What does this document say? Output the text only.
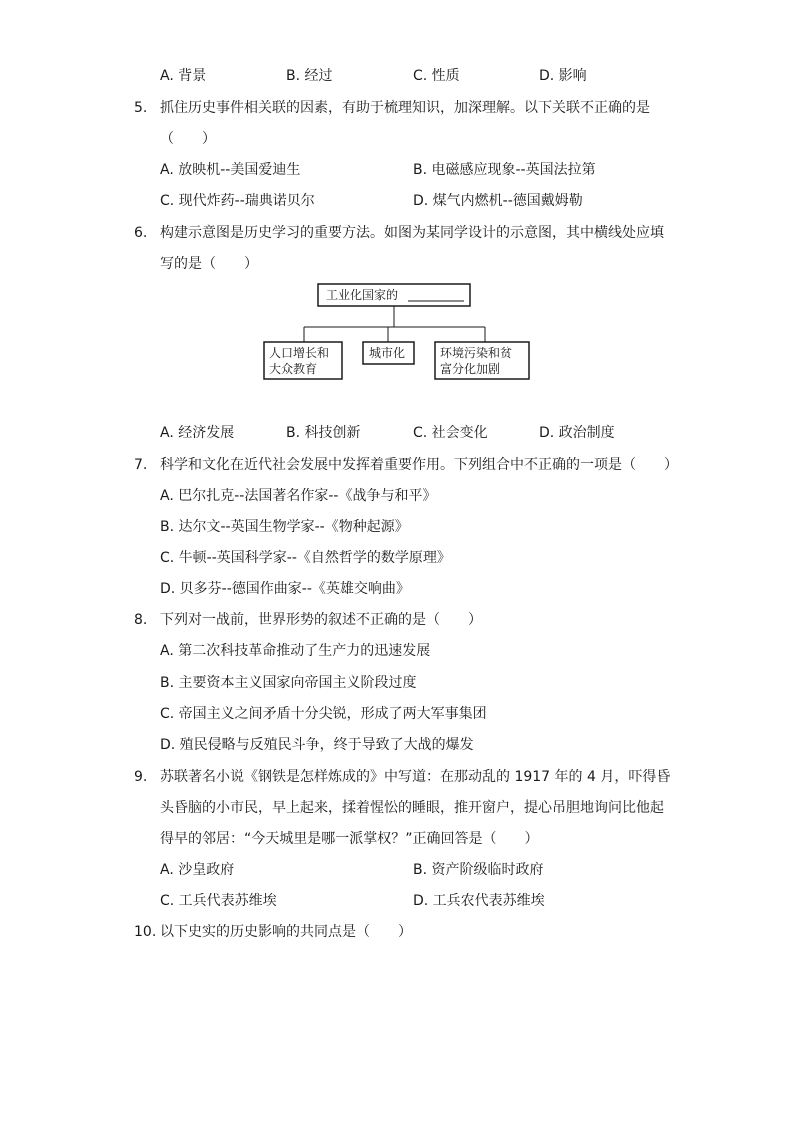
A. 背景	B. 经过	C. 性质	D. 影响
5. 抓住历史事件相关联的因素，有助于梳理知识，加深理解。以下关联不正确的是
（　　）
A. 放映机--美国爱迪生	B. 电磁感应现象--英国法拉第
C. 现代炸药--瑞典诺贝尔	D. 煤气内燃机--德国戴姆勒
6. 构建示意图是历史学习的重要方法。如图为某同学设计的示意图，其中横线处应填
写的是（　　）
工业化国家的
人口增长和
大众教育
城市化	环境污染和贫
富分化加剧
A. 经济发展	B. 科技创新	C. 社会变化	D. 政治制度
7. 科学和文化在近代社会发展中发挥着重要作用。下列组合中不正确的一项是（　　）
A. 巴尔扎克--法国著名作家--《战争与和平》
B. 达尔文--英国生物学家--《物种起源》
C. 牛顿--英国科学家--《自然哲学的数学原理》
D. 贝多芬--德国作曲家--《英雄交响曲》
8. 下列对一战前，世界形势的叙述不正确的是（　　）
A. 第二次科技革命推动了生产力的迅速发展
B. 主要资本主义国家向帝国主义阶段过度
C. 帝国主义之间矛盾十分尖锐，形成了两大军事集团
D. 殖民侵略与反殖民斗争，终于导致了大战的爆发
9. 苏联著名小说《钢铁是怎样炼成的》中写道：在那动乱的 1917 年的 4 月，吓得昏
头昏脑的小市民，早上起来，揉着惺忪的睡眼，推开窗户，提心吊胆地询问比他起
得早的邻居：“今天城里是哪一派掌权？”正确回答是（　　）
A. 沙皇政府	B. 资产阶级临时政府
C. 工兵代表苏维埃	D. 工兵农代表苏维埃
10. 以下史实的历史影响的共同点是（　　）
